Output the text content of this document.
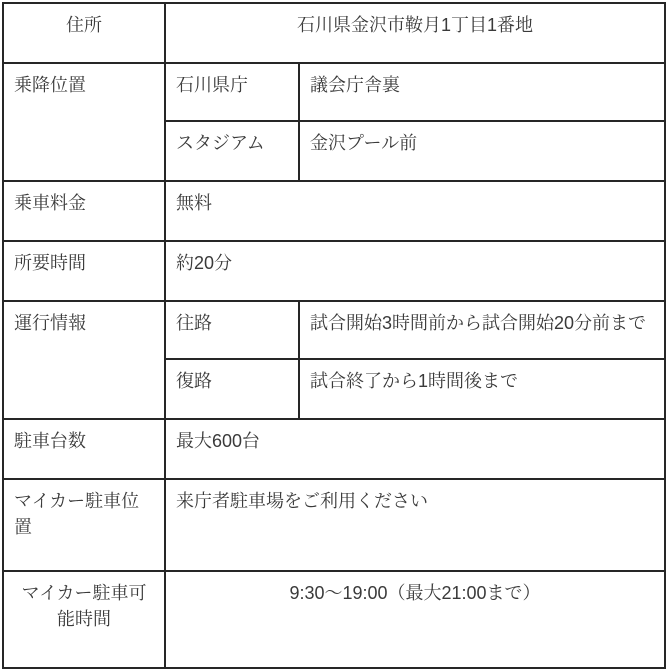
住所	石川県金沢市鞍月1丁目1番地	
乗降位置	石川県庁	議会庁舎裏
	スタジアム	金沢プール前
乗車料金	無料	
所要時間	約20分	
運行情報	往路	試合開始3時間前から試合開始20分前まで
	復路	試合終了から1時間後まで
駐車台数	最大600台	
マイカー駐車位置	来庁者駐車場をご利用ください	
マイカー駐車可能時間	9:30〜19:00（最大21:00まで）	
